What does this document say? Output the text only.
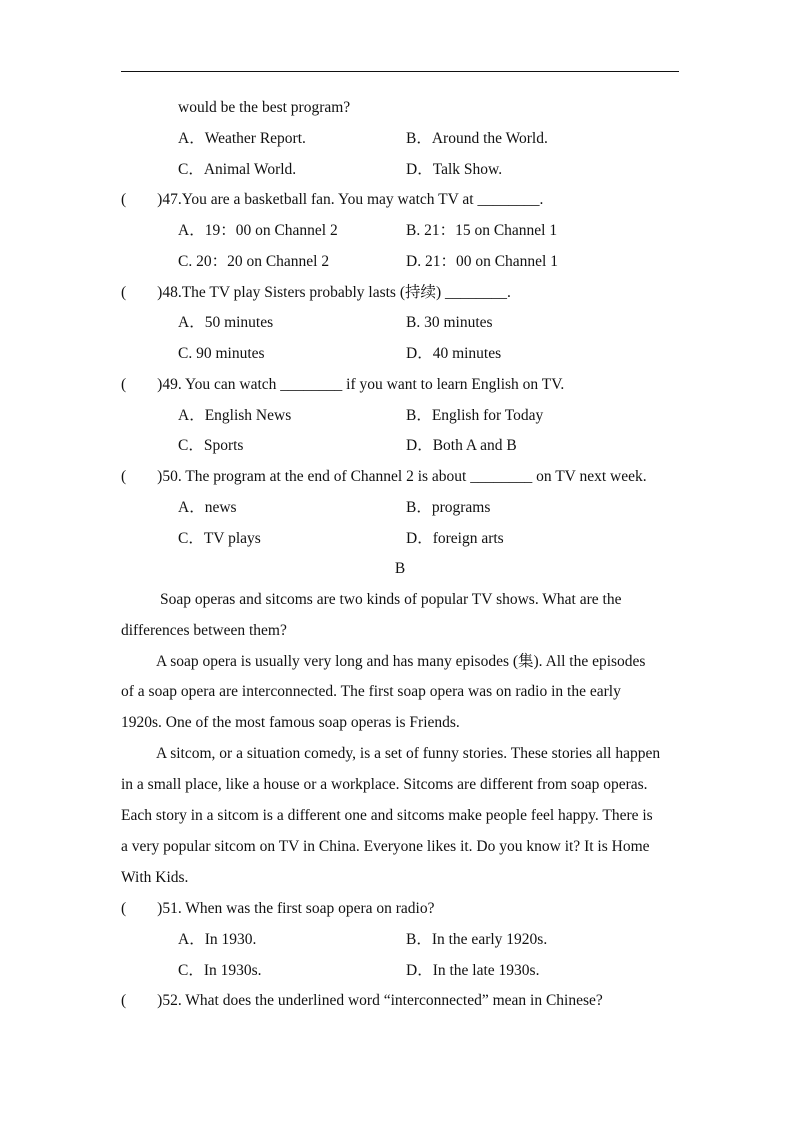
would be the best program?
A．Weather Report.	B．Around the World.
C．Animal World.	D．Talk Show.
(　　)47.You are a basketball fan. You may watch TV at ________.
A．19：00 on Channel 2	B. 21：15 on Channel 1
C. 20：20 on Channel 2	D. 21：00 on Channel 1
(　　)48.The TV play Sisters probably lasts (持续) ________.
A．50 minutes	B. 30 minutes
C. 90 minutes	D．40 minutes
(　　)49. You can watch ________ if you want to learn English on TV.
A．English News	B．English for Today
C．Sports	D．Both A and B
(　　)50. The program at the end of Channel 2 is about ________ on TV next week.
A．news	B．programs
C．TV plays	D．foreign arts
B
Soap operas and sitcoms are two kinds of popular TV shows. What are the
differences between them?
A soap opera is usually very long and has many episodes (集). All the episodes
of a soap opera are interconnected. The first soap opera was on radio in the early
1920s. One of the most famous soap operas is Friends.
A sitcom, or a situation comedy, is a set of funny stories. These stories all happen
in a small place, like a house or a workplace. Sitcoms are different from soap operas.
Each story in a sitcom is a different one and sitcoms make people feel happy. There is
a very popular sitcom on TV in China. Everyone likes it. Do you know it? It is Home
With Kids.
(　　)51. When was the first soap opera on radio?
A．In 1930.	B．In the early 1920s.
C．In 1930s.	D．In the late 1930s.
(　　)52. What does the underlined word “interconnected” mean in Chinese?
